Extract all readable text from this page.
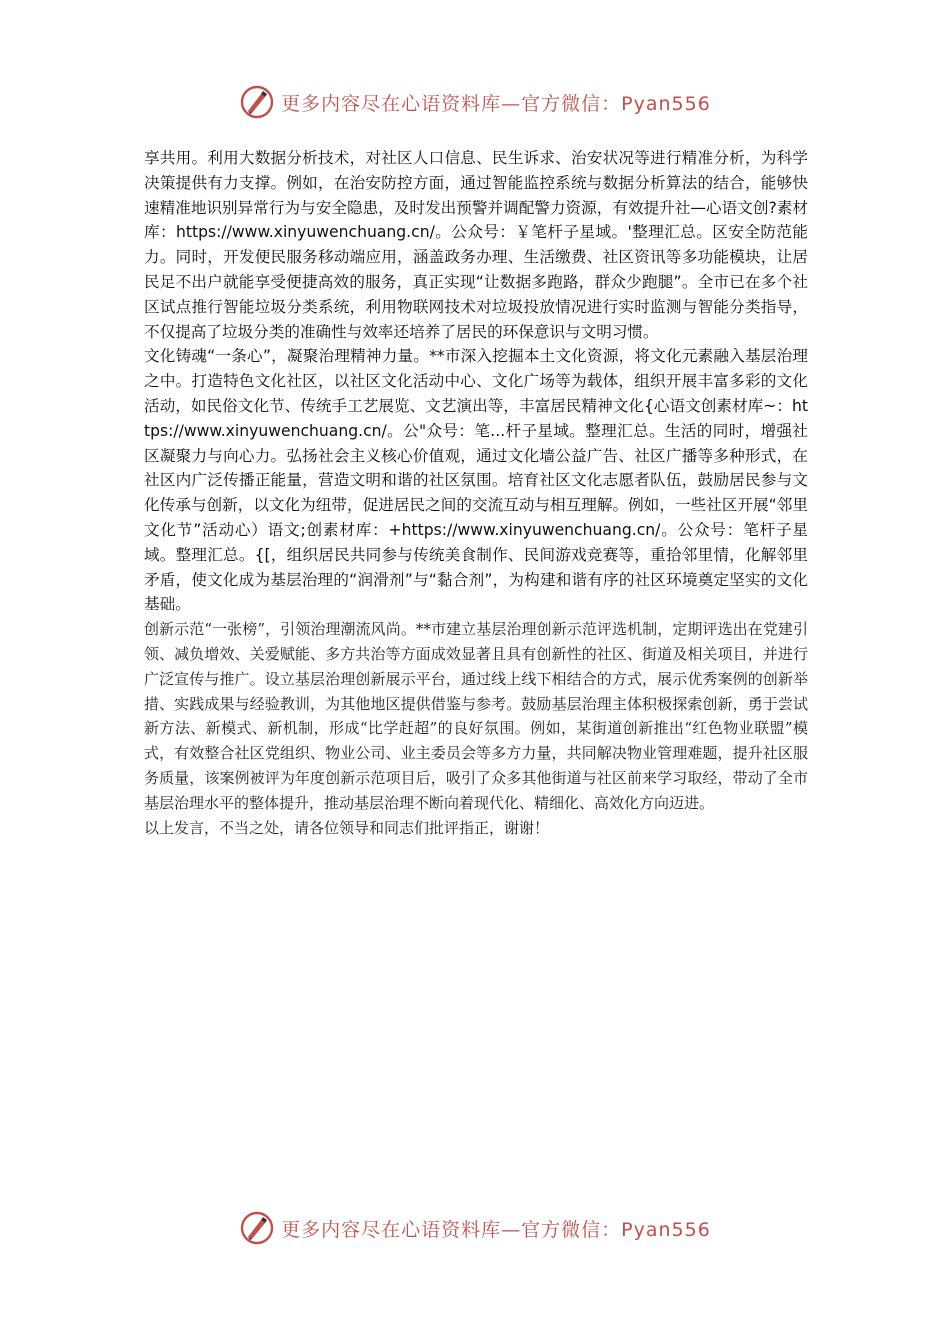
更多内容尽在心语资料库—官方微信：Pyan556

享共用。利用大数据分析技术，对社区人口信息、民生诉求、治安状况等进行精准分析，为科学决策提供有力支撑。例如，在治安防控方面，通过智能监控系统与数据分析算法的结合，能够快速精准地识别异常行为与安全隐患，及时发出预警并调配警力资源，有效提升社—心语文创?素材库：https://www.xinyuwenchuang.cn/。公众号：￥笔杆子星域。'整理汇总。区安全防范能力。同时，开发便民服务移动端应用，涵盖政务办理、生活缴费、社区资讯等多功能模块，让居民足不出户就能享受便捷高效的服务，真正实现“让数据多跑路，群众少跑腿”。全市已在多个社区试点推行智能垃圾分类系统，利用物联网技术对垃圾投放情况进行实时监测与智能分类指导，不仅提高了垃圾分类的准确性与效率还培养了居民的环保意识与文明习惯。

文化铸魂“一条心”，凝聚治理精神力量。**市深入挖掘本土文化资源，将文化元素融入基层治理之中。打造特色文化社区，以社区文化活动中心、文化广场等为载体，组织开展丰富多彩的文化活动，如民俗文化节、传统手工艺展览、文艺演出等，丰富居民精神文化{心语文创素材库~：https://www.xinyuwenchuang.cn/。公"众号：笔...杆子星域。整理汇总。生活的同时，增强社区凝聚力与向心力。弘扬社会主义核心价值观，通过文化墙公益广告、社区广播等多种形式，在社区内广泛传播正能量，营造文明和谐的社区氛围。培育社区文化志愿者队伍，鼓励居民参与文化传承与创新，以文化为纽带，促进居民之间的交流互动与相互理解。例如，一些社区开展“邻里文化节”活动心）语文;创素材库：+https://www.xinyuwenchuang.cn/。公众号：笔杆子星域。整理汇总。{[，组织居民共同参与传统美食制作、民间游戏竞赛等，重拾邻里情，化解邻里矛盾，使文化成为基层治理的“润滑剂”与“黏合剂”，为构建和谐有序的社区环境奠定坚实的文化基础。

创新示范“一张榜”，引领治理潮流风尚。**市建立基层治理创新示范评选机制，定期评选出在党建引领、减负增效、关爱赋能、多方共治等方面成效显著且具有创新性的社区、街道及相关项目，并进行广泛宣传与推广。设立基层治理创新展示平台，通过线上线下相结合的方式，展示优秀案例的创新举措、实践成果与经验教训，为其他地区提供借鉴与参考。鼓励基层治理主体积极探索创新，勇于尝试新方法、新模式、新机制，形成“比学赶超”的良好氛围。例如，某街道创新推出“红色物业联盟”模式，有效整合社区党组织、物业公司、业主委员会等多方力量，共同解决物业管理难题，提升社区服务质量，该案例被评为年度创新示范项目后，吸引了众多其他街道与社区前来学习取经，带动了全市基层治理水平的整体提升，推动基层治理不断向着现代化、精细化、高效化方向迈进。

以上发言，不当之处，请各位领导和同志们批评指正，谢谢！

更多内容尽在心语资料库—官方微信：Pyan556
